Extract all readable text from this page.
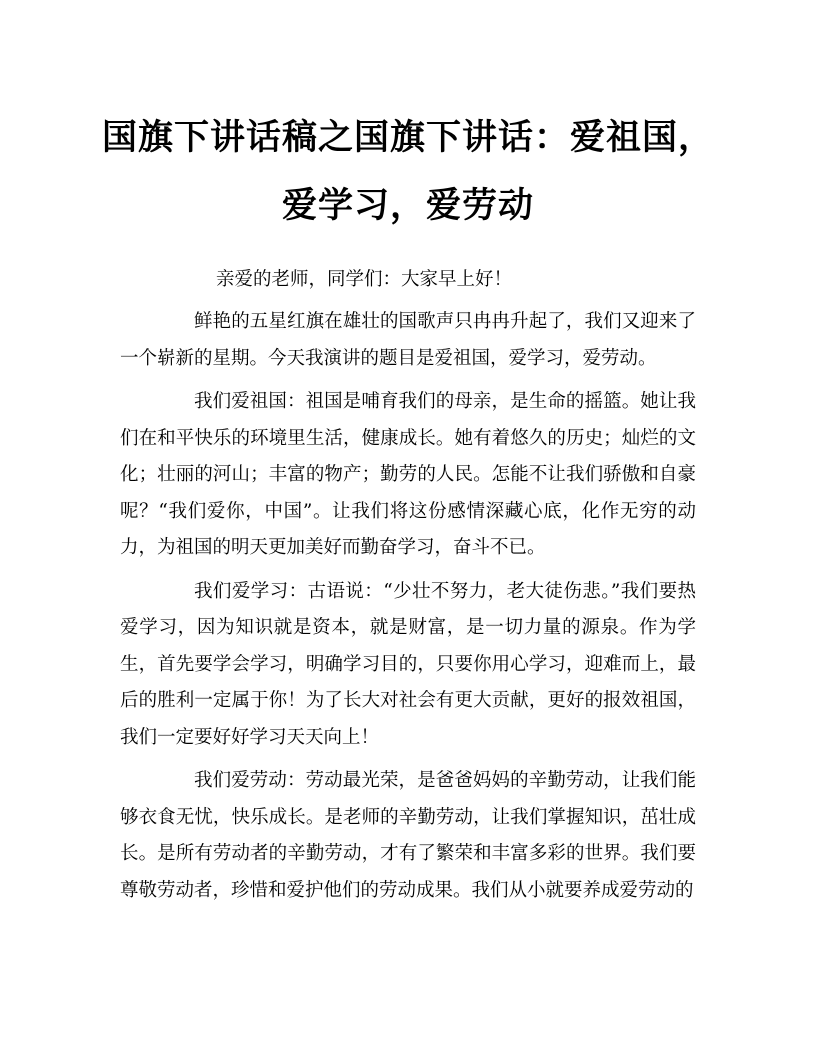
国旗下讲话稿之国旗下讲话：爱祖国，
爱学习，爱劳动
亲爱的老师，同学们：大家早上好！

鲜艳的五星红旗在雄壮的国歌声只冉冉升起了，我们又迎来了一个崭新的星期。今天我演讲的题目是爱祖国，爱学习，爱劳动。

我们爱祖国：祖国是哺育我们的母亲，是生命的摇篮。她让我们在和平快乐的环境里生活，健康成长。她有着悠久的历史；灿烂的文化；壮丽的河山；丰富的物产；勤劳的人民。怎能不让我们骄傲和自豪呢？“我们爱你，中国”。让我们将这份感情深藏心底，化作无穷的动力，为祖国的明天更加美好而勤奋学习，奋斗不已。

我们爱学习：古语说：“少壮不努力，老大徒伤悲。”我们要热爱学习，因为知识就是资本，就是财富，是一切力量的源泉。作为学生，首先要学会学习，明确学习目的，只要你用心学习，迎难而上，最后的胜利一定属于你！为了长大对社会有更大贡献，更好的报效祖国，我们一定要好好学习天天向上！

我们爱劳动：劳动最光荣，是爸爸妈妈的辛勤劳动，让我们能够衣食无忧，快乐成长。是老师的辛勤劳动，让我们掌握知识，茁壮成长。是所有劳动者的辛勤劳动，才有了繁荣和丰富多彩的世界。我们要尊敬劳动者，珍惜和爱护他们的劳动成果。我们从小就要养成爱劳动的
